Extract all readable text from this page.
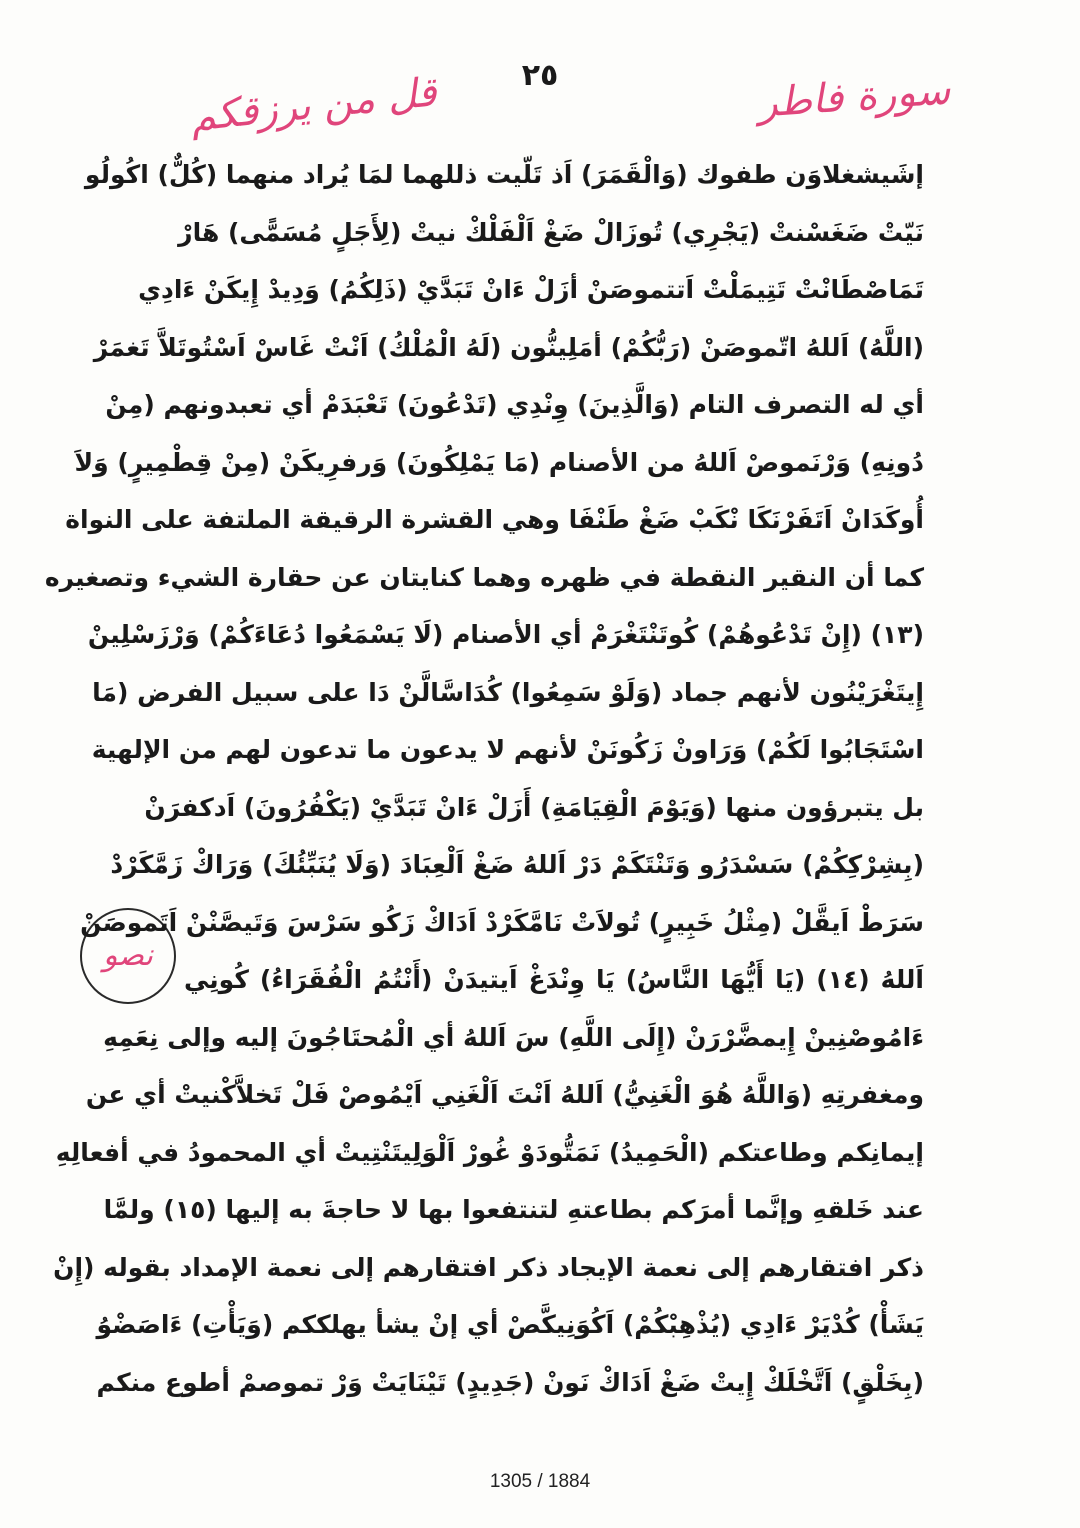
٢٥	سورة فاطر
قل من يرزقكم
نصو
إشَيشغلاوَن طفوك (وَالْقَمَرَ) اَذ تَلّيت ذللهما لمَا يُراد منهما (كُلٌّ) اكُولُو
نَيّتْ ضَغَسْنتْ (يَجْرِي) تُوزَالْ ضَغْ اَلْفَلْكْ نيتْ (لِأَجَلٍ مُسَمًّى) هَارْ
تَمَاصْطَانْتْ تَتِيمَلْتْ اَتتموصَنْ أزَلْ ءَانْ تَبَدَّيْ (ذَلِكُمُ) وَدِيدْ إِيكَنْ ءَادِي
(اللَّهُ) اَللهُ اتّموصَنْ (رَبُّكُمْ) أمَلِينُّون (لَهُ الْمُلْكُ) اَنْتْ غَاسْ اَسْتُوتَلاَّ تَغمَرْ
أي له التصرف التام (وَالَّذِينَ) وِنْدِي (تَدْعُونَ) تَعْبَدَمْ أي تعبدونهم (مِنْ
دُونِهِ) وَرْنَموصْ اَللهُ من الأصنام (مَا يَمْلِكُونَ) وَرفرِيكَنْ (مِنْ قِطْمِيرٍ) وَلاَ
أُوكَدَانْ اَتَفَرْنَكَا نْكَبْ ضَغْ طَنْفَا وهي القشرة الرقيقة الملتفة على النواة
كما أن النقير النقطة في ظهره وهما كنايتان عن حقارة الشيء وتصغيره
(١٣) (إِنْ تَدْعُوهُمْ) كُوتَنْتَغْرَمْ أي الأصنام (لَا يَسْمَعُوا دُعَاءَكُمْ) وَرْزَسْلِينْ
إِيتَغْرَيْنُون لأنهم جماد (وَلَوْ سَمِعُوا) كُدَاسَّالَّنْ دَا على سبيل الفرض (مَا
اسْتَجَابُوا لَكُمْ) وَرَاونْ زَكُونَنْ لأنهم لا يدعون ما تدعون لهم من الإلهية
بل يتبرؤون منها (وَيَوْمَ الْقِيَامَةِ) أَزَلْ ءَانْ تَبَدَّيْ (يَكْفُرُونَ) اَدكفرَنْ
(بِشِرْكِكُمْ) سَسْدَرُو وَتَنْتَكَمْ دَرْ اَللهُ ضَغْ اَلْعِبَادَ (وَلَا يُنَبِّئُكَ) وَرَاكْ زَمَّكَرْدْ
سَرَطْ اَيقَّلْ (مِثْلُ خَبِيرٍ) تُولاَتْ نَامَّكَرْدْ اَدَاكْ زَكُو سَرْسَ وَتَيصَّنْنْ اَتَموصَنْ
اَللهُ (١٤) (يَا أَيُّهَا النَّاسُ) يَا وِنْدَغْ اَيتيدَنْ (أَنْتُمُ الْفُقَرَاءُ) كُونِي
ءَامُوصْنِينْ إِيمضَّرْرَنْ (إِلَى اللَّهِ) سَ اَللهُ أي الْمُحتَاجُونَ إليه وإلى نِعَمِهِ
ومغفرتِهِ (وَاللَّهُ هُوَ الْغَنِيُّ) اَللهُ اَنْتَ اَلْغَنِي اَيْمُوصْ فَلْ تَخلاَّكْنيتْ أي عن
إيمانِكم وطاعتكم (الْحَمِيدُ) نَمَتُّودَوْ غُورْ اَلْوَلِيتَنْتِيتْ أي المحمودُ في أفعالِهِ
عند خَلقهِ وإنَّما أمرَكم بطاعتهِ لتنتفعوا بها لا حاجةَ به إليها (١٥) ولمَّا
ذكر افتقارهم إلى نعمة الإيجاد ذكر افتقارهم إلى نعمة الإمداد بقوله (إِنْ
يَشَأْ) كُدْيَرْ ءَادِي (يُذْهِبْكُمْ) اَكُوَنِيكَّصْ أي إنْ يشأ يهلككم (وَيَأْتِ) ءَاصَضْوُ
(بِخَلْقٍ) اَتَّخْلَكْ إِيتْ ضَغْ اَدَاكْ نَونْ (جَدِيدٍ) تَيْنَايَتْ وَرْ تموصمْ أطوع منكم
1305 / 1884
